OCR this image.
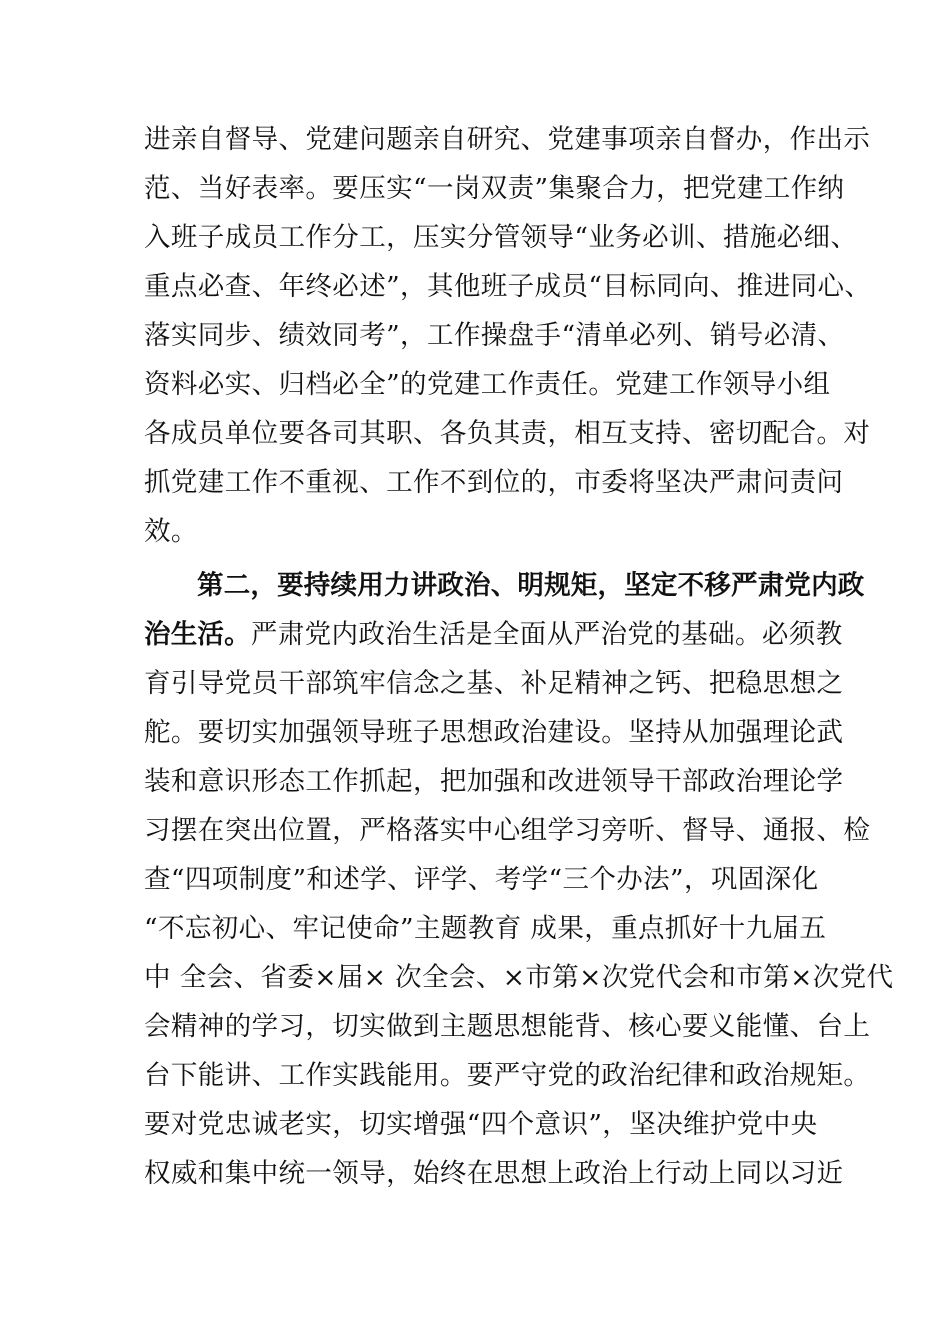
进亲自督导、党建问题亲自研究、党建事项亲自督办，作出示
范、当好表率。要压实“一岗双责”集聚合力，把党建工作纳
入班子成员工作分工，压实分管领导“业务必训、措施必细、
重点必查、年终必述”，其他班子成员“目标同向、推进同心、
落实同步、绩效同考”，工作操盘手“清单必列、销号必清、
资料必实、归档必全”的党建工作责任。党建工作领导小组
各成员单位要各司其职、各负其责，相互支持、密切配合。对
抓党建工作不重视、工作不到位的，市委将坚决严肃问责问
效。
第二，要持续用力讲政治、明规矩，坚定不移严肃党内政
治生活。严肃党内政治生活是全面从严治党的基础。必须教
育引导党员干部筑牢信念之基、补足精神之钙、把稳思想之
舵。要切实加强领导班子思想政治建设。坚持从加强理论武
装和意识形态工作抓起，把加强和改进领导干部政治理论学
习摆在突出位置，严格落实中心组学习旁听、督导、通报、检
查“四项制度”和述学、评学、考学“三个办法”，巩固深化
“不忘初心、牢记使命”主题教育 成果，重点抓好十九届五
中 全会、省委×届× 次全会、×市第×次党代会和市第×次党代
会精神的学习，切实做到主题思想能背、核心要义能懂、台上
台下能讲、工作实践能用。要严守党的政治纪律和政治规矩。
要对党忠诚老实，切实增强“四个意识”，坚决维护党中央
权威和集中统一领导，始终在思想上政治上行动上同以习近
